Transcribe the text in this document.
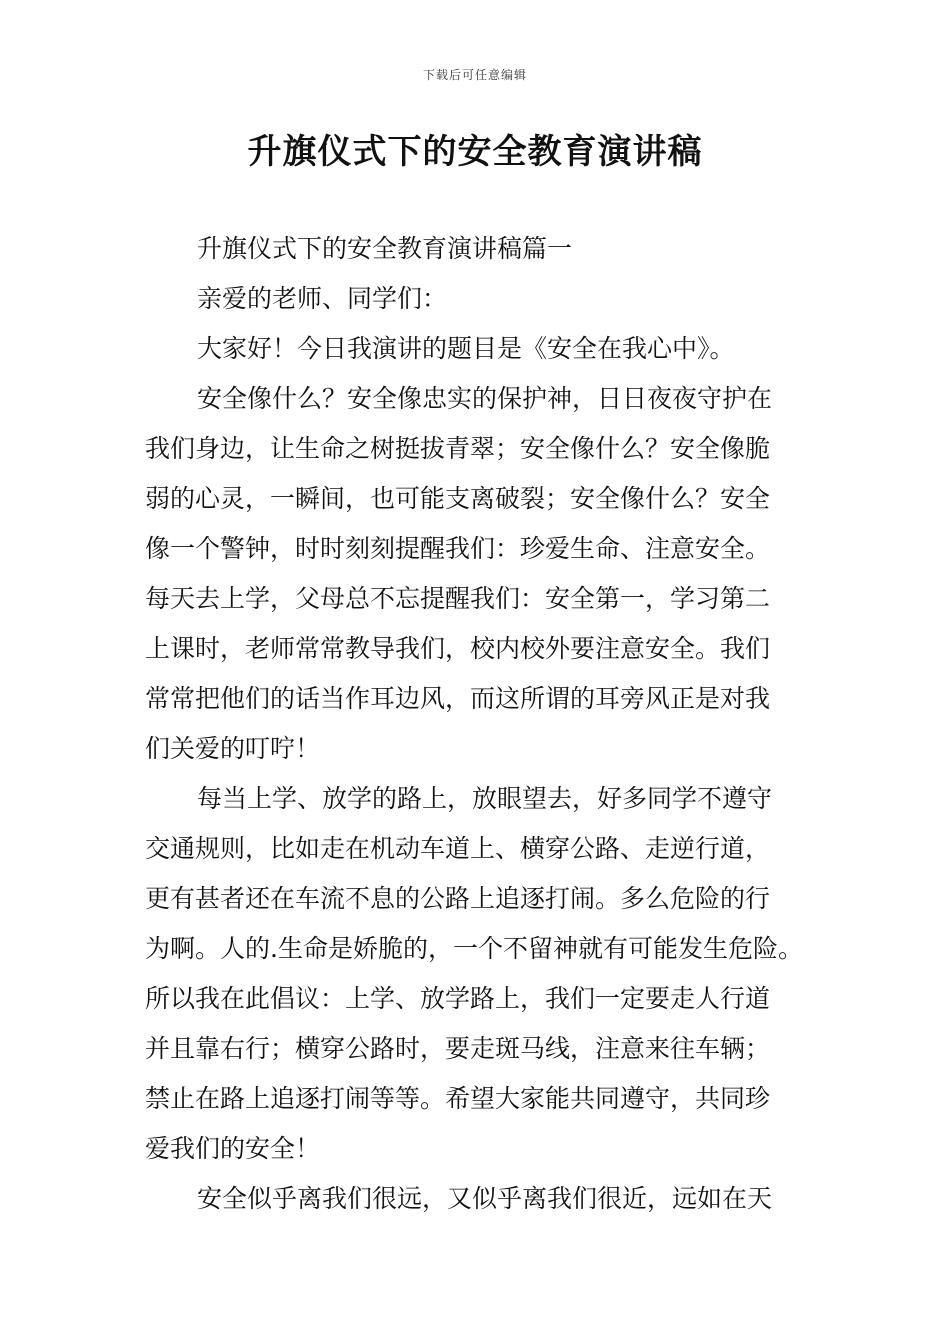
下载后可任意编辑
升旗仪式下的安全教育演讲稿
升旗仪式下的安全教育演讲稿篇一
亲爱的老师、同学们：
大家好！今日我演讲的题目是《安全在我心中》。
安全像什么？安全像忠实的保护神，日日夜夜守护在
我们身边，让生命之树挺拔青翠；安全像什么？安全像脆
弱的心灵，一瞬间，也可能支离破裂；安全像什么？安全
像一个警钟，时时刻刻提醒我们：珍爱生命、注意安全。
每天去上学，父母总不忘提醒我们：安全第一，学习第二
上课时，老师常常教导我们，校内校外要注意安全。我们
常常把他们的话当作耳边风，而这所谓的耳旁风正是对我
们关爱的叮咛！
每当上学、放学的路上，放眼望去，好多同学不遵守
交通规则，比如走在机动车道上、横穿公路、走逆行道，
更有甚者还在车流不息的公路上追逐打闹。多么危险的行
为啊。人的.生命是娇脆的，一个不留神就有可能发生危险。
所以我在此倡议：上学、放学路上，我们一定要走人行道
并且靠右行；横穿公路时，要走斑马线，注意来往车辆；
禁止在路上追逐打闹等等。希望大家能共同遵守，共同珍
爱我们的安全！
安全似乎离我们很远，又似乎离我们很近，远如在天
